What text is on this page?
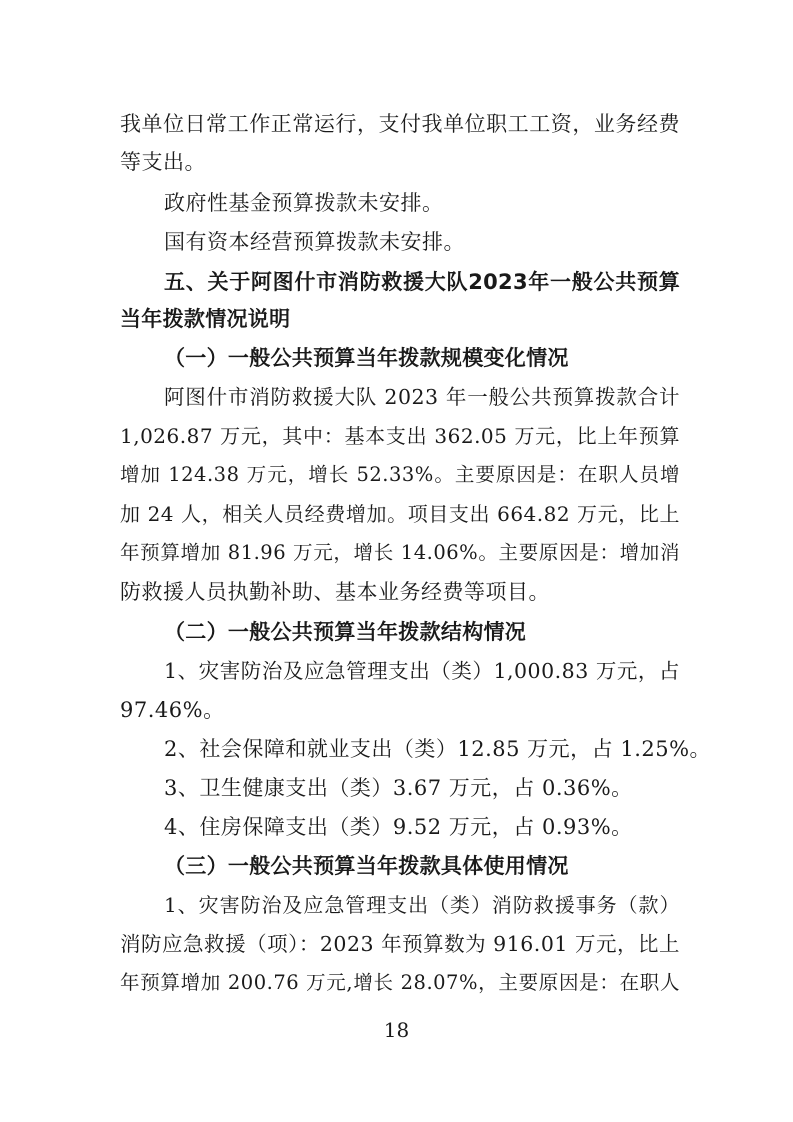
我单位日常工作正常运行，支付我单位职工工资，业务经费
等支出。
政府性基金预算拨款未安排。
国有资本经营预算拨款未安排。
五、关于阿图什市消防救援大队2023年一般公共预算
当年拨款情况说明
（一）一般公共预算当年拨款规模变化情况
阿图什市消防救援大队 2023 年一般公共预算拨款合计
1,026.87 万元，其中：基本支出 362.05 万元，比上年预算
增加 124.38 万元，增长 52.33%。主要原因是：在职人员增
加 24 人，相关人员经费增加。项目支出 664.82 万元，比上
年预算增加 81.96 万元，增长 14.06%。主要原因是：增加消
防救援人员执勤补助、基本业务经费等项目。
（二）一般公共预算当年拨款结构情况
1、灾害防治及应急管理支出（类）1,000.83 万元，占
97.46%。
2、社会保障和就业支出（类）12.85 万元，占 1.25%。
3、卫生健康支出（类）3.67 万元，占 0.36%。
4、住房保障支出（类）9.52 万元，占 0.93%。
（三）一般公共预算当年拨款具体使用情况
1、灾害防治及应急管理支出（类）消防救援事务（款）
消防应急救援（项）：2023 年预算数为 916.01 万元，比上
年预算增加 200.76 万元,增长 28.07%，主要原因是：在职人
18
